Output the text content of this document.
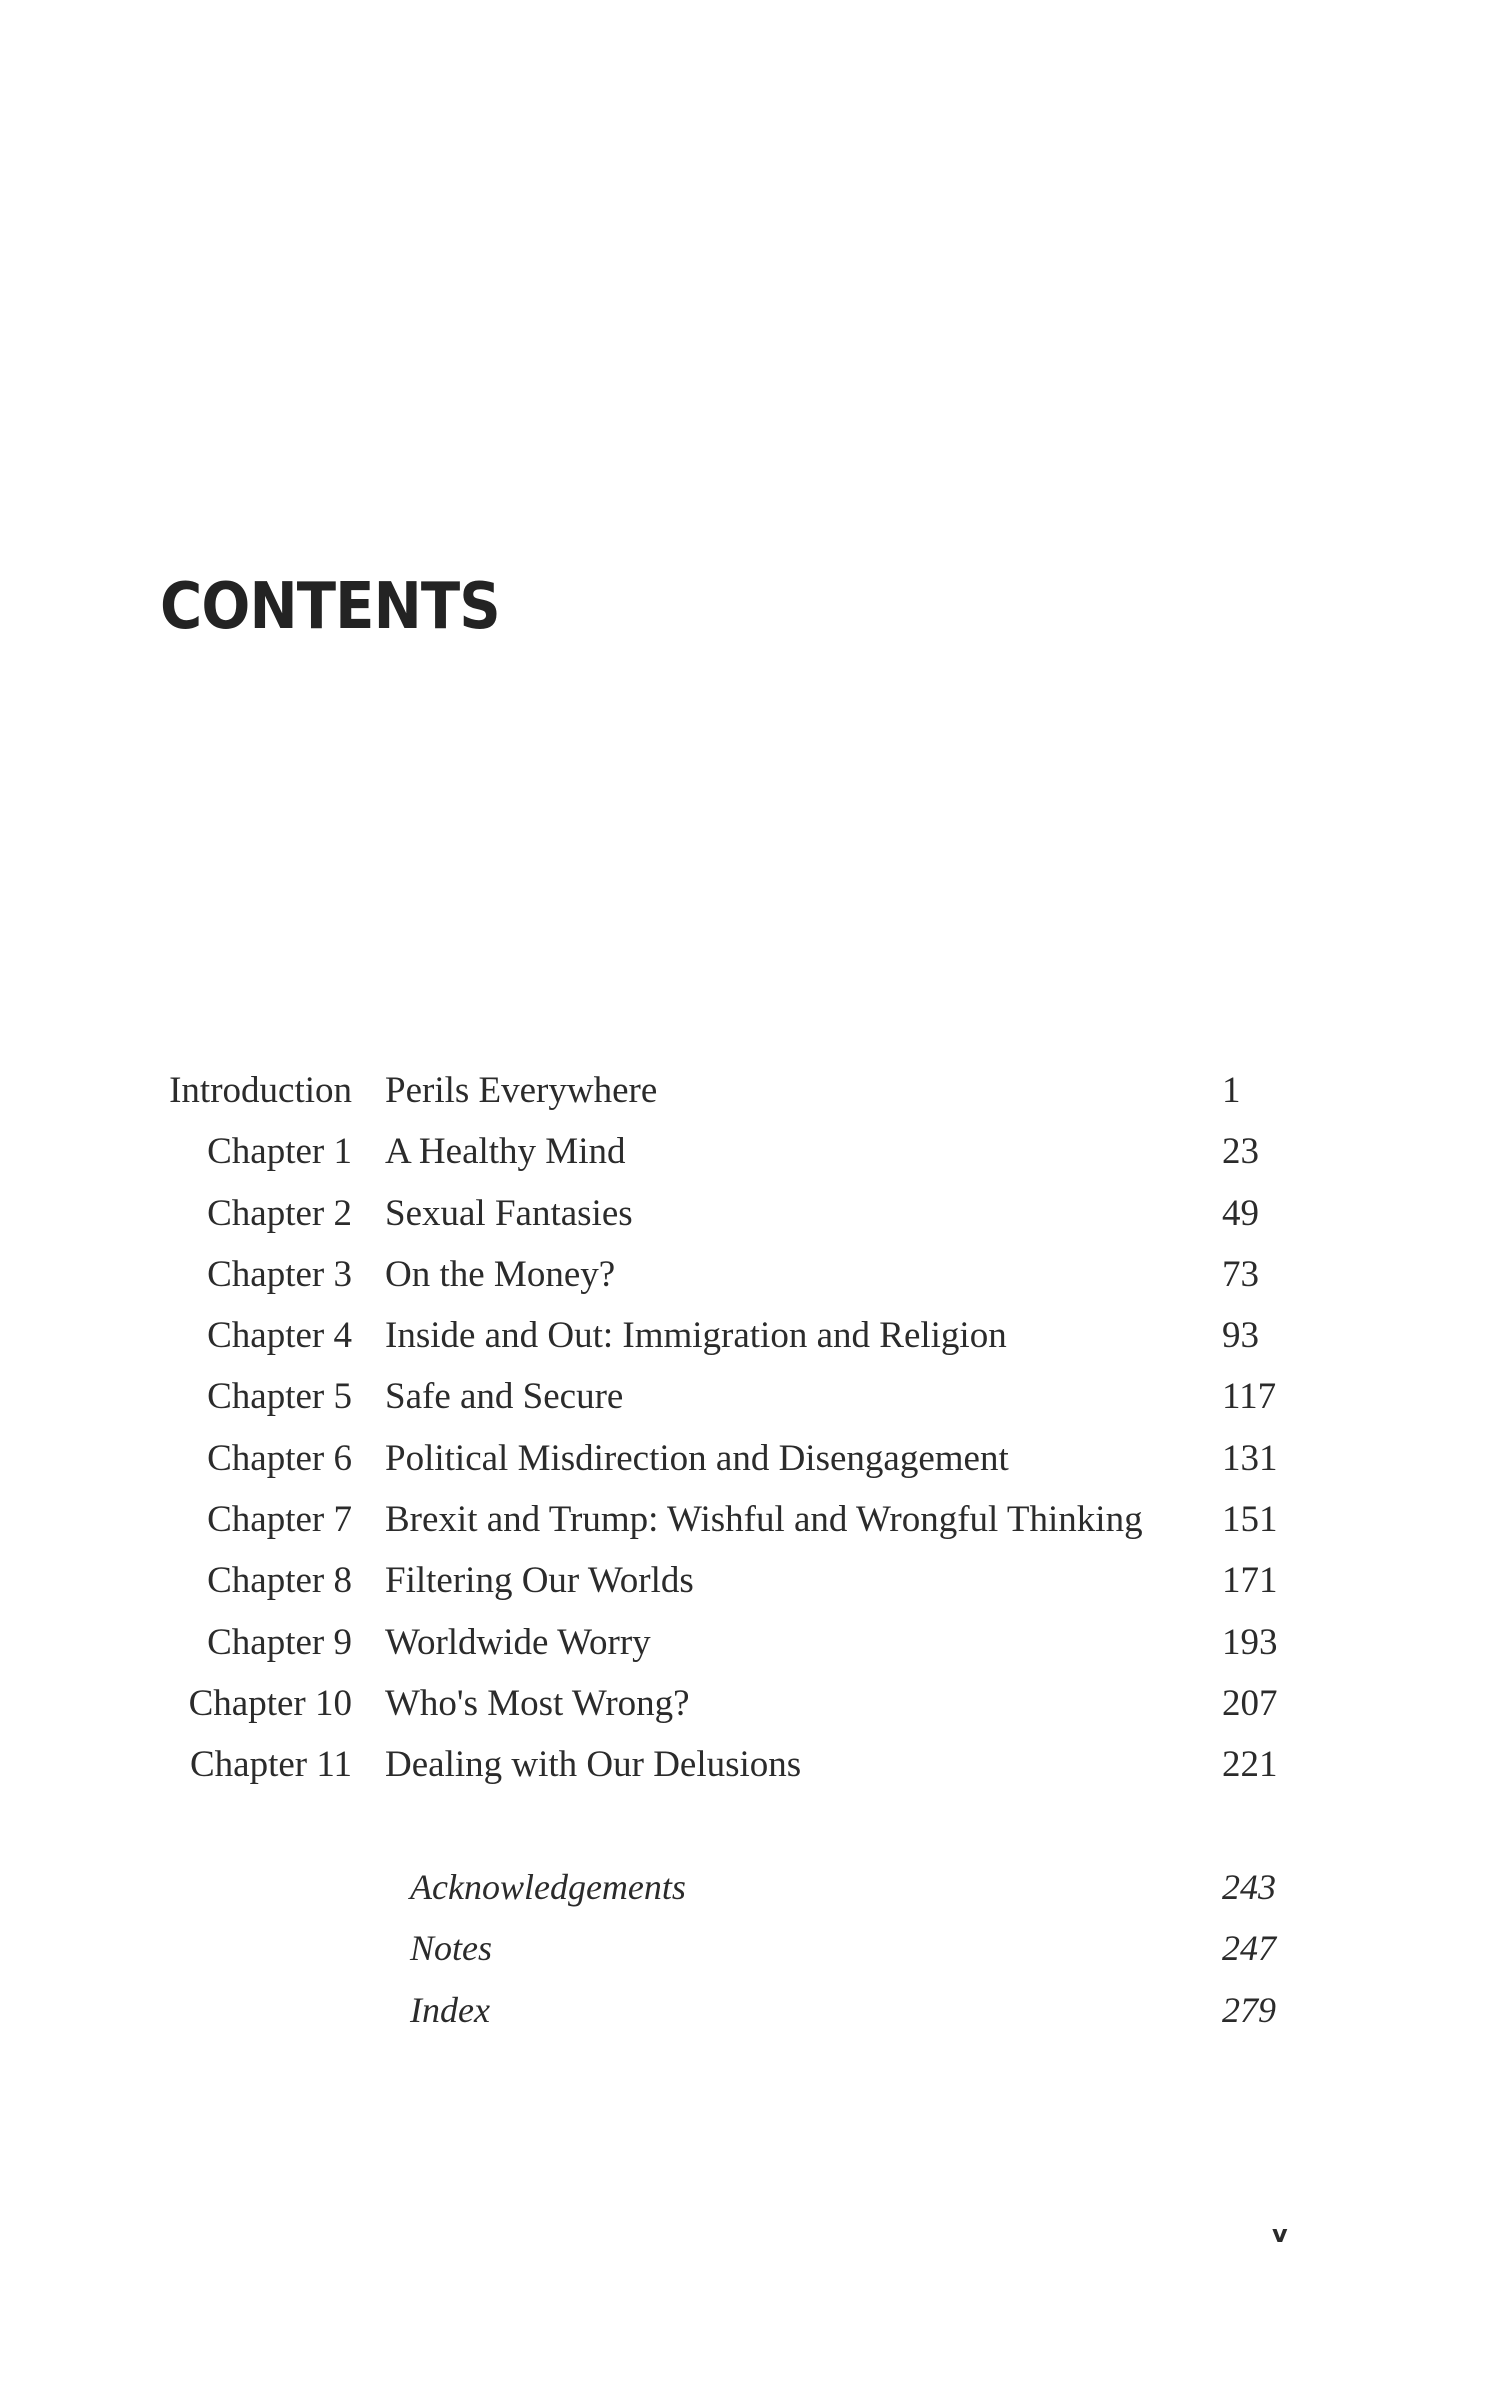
CONTENTS
Introduction Perils Everywhere	1
Chapter 1 A Healthy Mind	23
Chapter 2 Sexual Fantasies	49
Chapter 3 On the Money?	73
Chapter 4 Inside and Out: Immigration and Religion	93
Chapter 5 Safe and Secure	117
Chapter 6 Political Misdirection and Disengagement	131
Chapter 7 Brexit and Trump: Wishful and Wrongful Thinking 151
Chapter 8 Filtering Our Worlds	171
Chapter 9 Worldwide Worry	193
Chapter 10 Who's Most Wrong?	207
Chapter 11 Dealing with Our Delusions	221
Acknowledgements	243
Notes	247
Index	279
v
